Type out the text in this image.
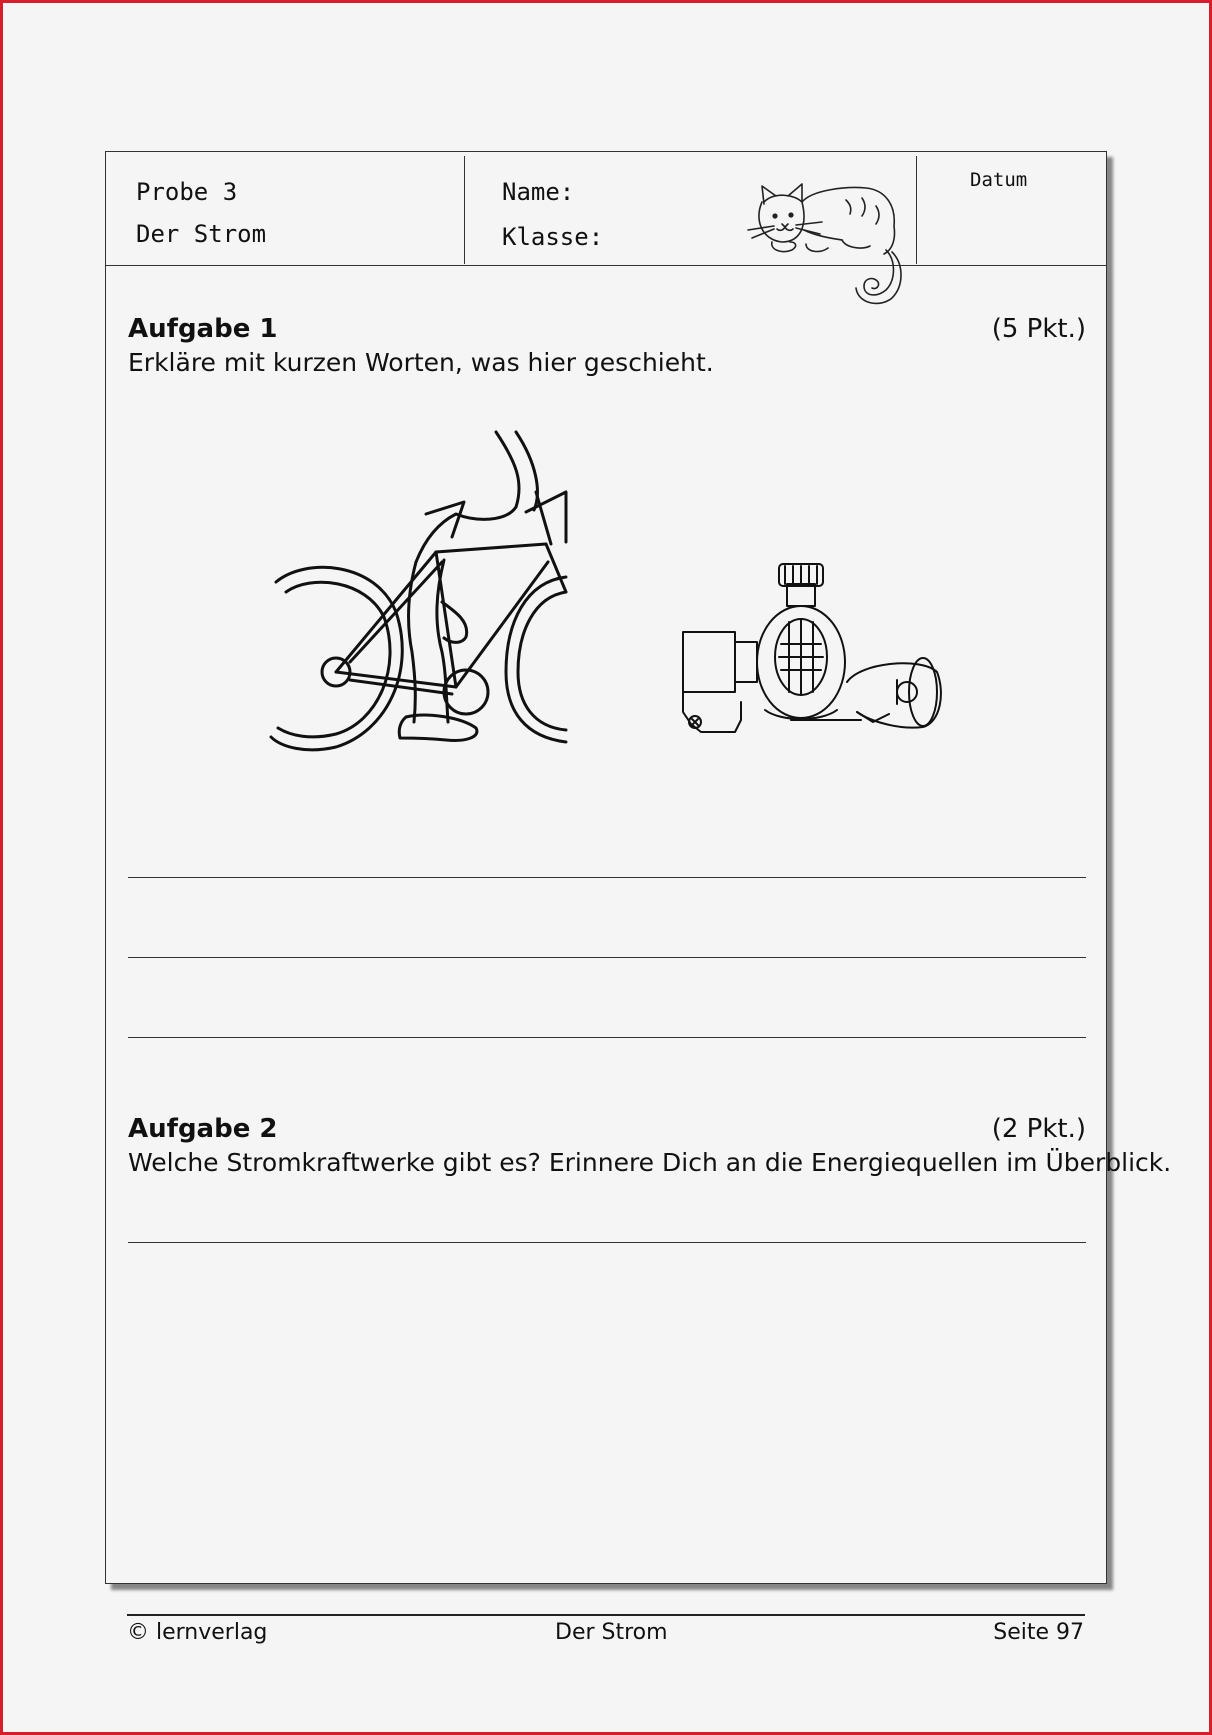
Probe 3
Der Strom
Name:
Klasse:
Datum
Aufgabe 1	(5 Pkt.)
Erkläre mit kurzen Worten, was hier geschieht.
Aufgabe 2	(2 Pkt.)
Welche Stromkraftwerke gibt es? Erinnere Dich an die Energiequellen im Überblick.
© lernverlag	Der Strom	Seite 97
